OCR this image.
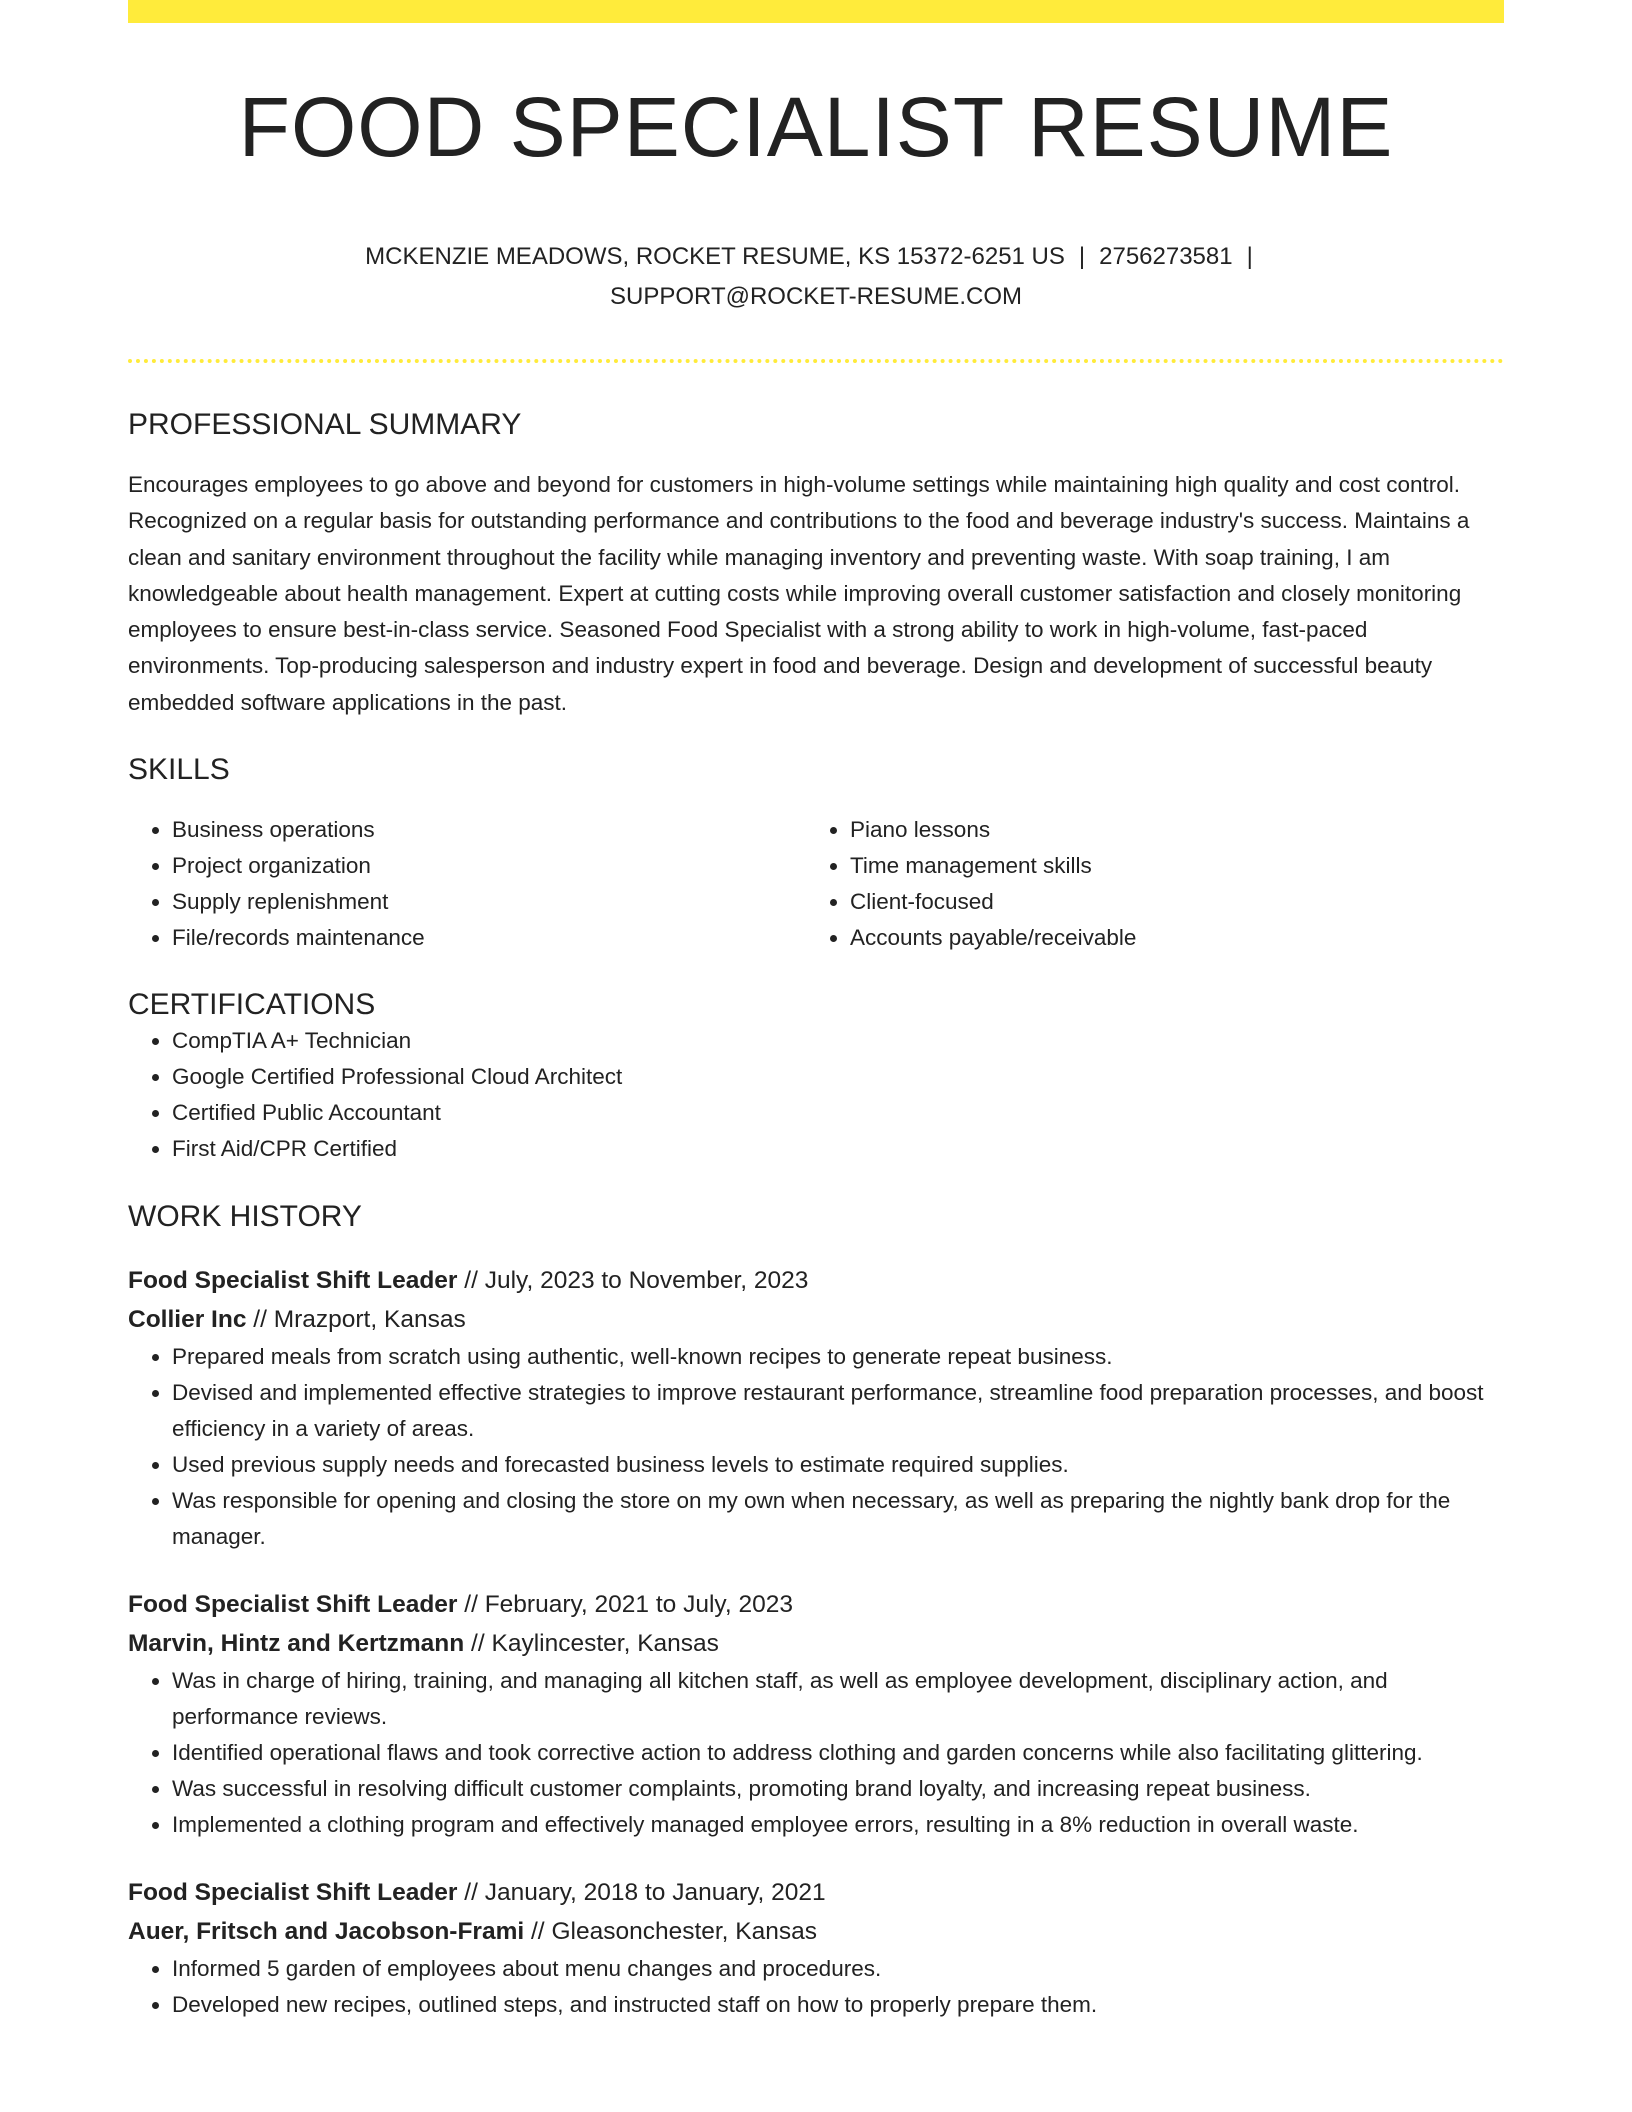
FOOD SPECIALIST RESUME
MCKENZIE MEADOWS, ROCKET RESUME, KS 15372-6251 US | 2756273581 |
SUPPORT@ROCKET-RESUME.COM
PROFESSIONAL SUMMARY

Encourages employees to go above and beyond for customers in high-volume settings while maintaining high quality and cost control. Recognized on a regular basis for outstanding performance and contributions to the food and beverage industry's success. Maintains a clean and sanitary environment throughout the facility while managing inventory and preventing waste. With soap training, I am knowledgeable about health management. Expert at cutting costs while improving overall customer satisfaction and closely monitoring employees to ensure best-in-class service. Seasoned Food Specialist with a strong ability to work in high-volume, fast-paced environments. Top-producing salesperson and industry expert in food and beverage. Design and development of successful beauty embedded software applications in the past.

SKILLS
• Business operations
• Project organization
• Supply replenishment
• File/records maintenance
• Piano lessons
• Time management skills
• Client-focused
• Accounts payable/receivable
CERTIFICATIONS
• CompTIA A+ Technician
• Google Certified Professional Cloud Architect
• Certified Public Accountant
• First Aid/CPR Certified
WORK HISTORY
Food Specialist Shift Leader // July, 2023 to November, 2023
Collier Inc // Mrazport, Kansas
• Prepared meals from scratch using authentic, well-known recipes to generate repeat business.
• Devised and implemented effective strategies to improve restaurant performance, streamline food preparation processes, and boost efficiency in a variety of areas.
• Used previous supply needs and forecasted business levels to estimate required supplies.
• Was responsible for opening and closing the store on my own when necessary, as well as preparing the nightly bank drop for the manager.
Food Specialist Shift Leader // February, 2021 to July, 2023
Marvin, Hintz and Kertzmann // Kaylincester, Kansas
• Was in charge of hiring, training, and managing all kitchen staff, as well as employee development, disciplinary action, and performance reviews.
• Identified operational flaws and took corrective action to address clothing and garden concerns while also facilitating glittering.
• Was successful in resolving difficult customer complaints, promoting brand loyalty, and increasing repeat business.
• Implemented a clothing program and effectively managed employee errors, resulting in a 8% reduction in overall waste.
Food Specialist Shift Leader // January, 2018 to January, 2021
Auer, Fritsch and Jacobson-Frami // Gleasonchester, Kansas
• Informed 5 garden of employees about menu changes and procedures.
• Developed new recipes, outlined steps, and instructed staff on how to properly prepare them.
